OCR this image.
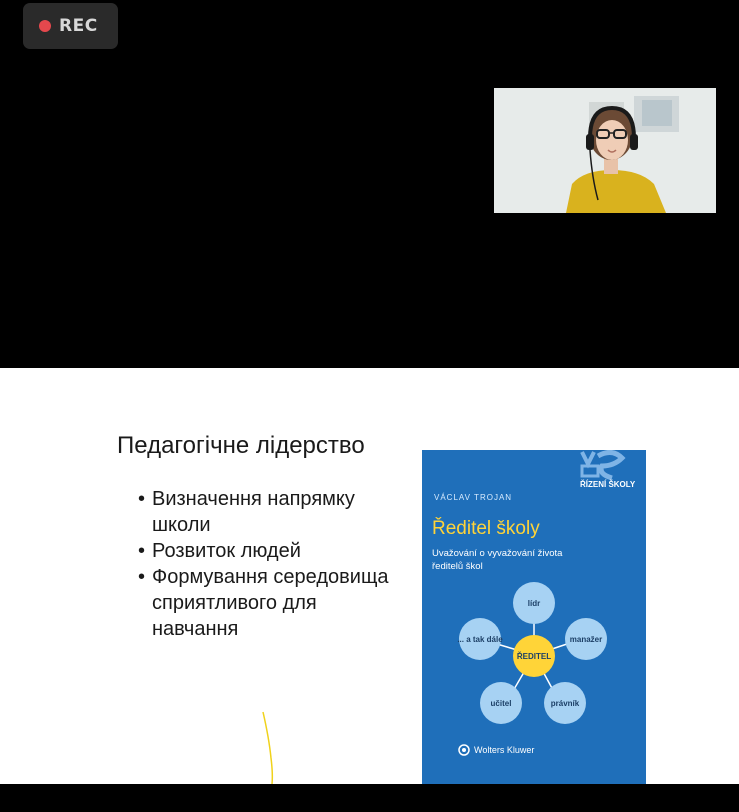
REC
Педагогічне лідерство
• Визначення напрямку школи
• Розвиток людей
• Формування середовища сприятливого для навчання
lídr
manažer
právník
učitel
... a tak dále
ŘEDITEL
ŘÍZENÍ ŠKOLY
VÁCLAV TROJAN
Ředitel školy
Uvažování o vyvažování života ředitelů škol
Wolters Kluwer
